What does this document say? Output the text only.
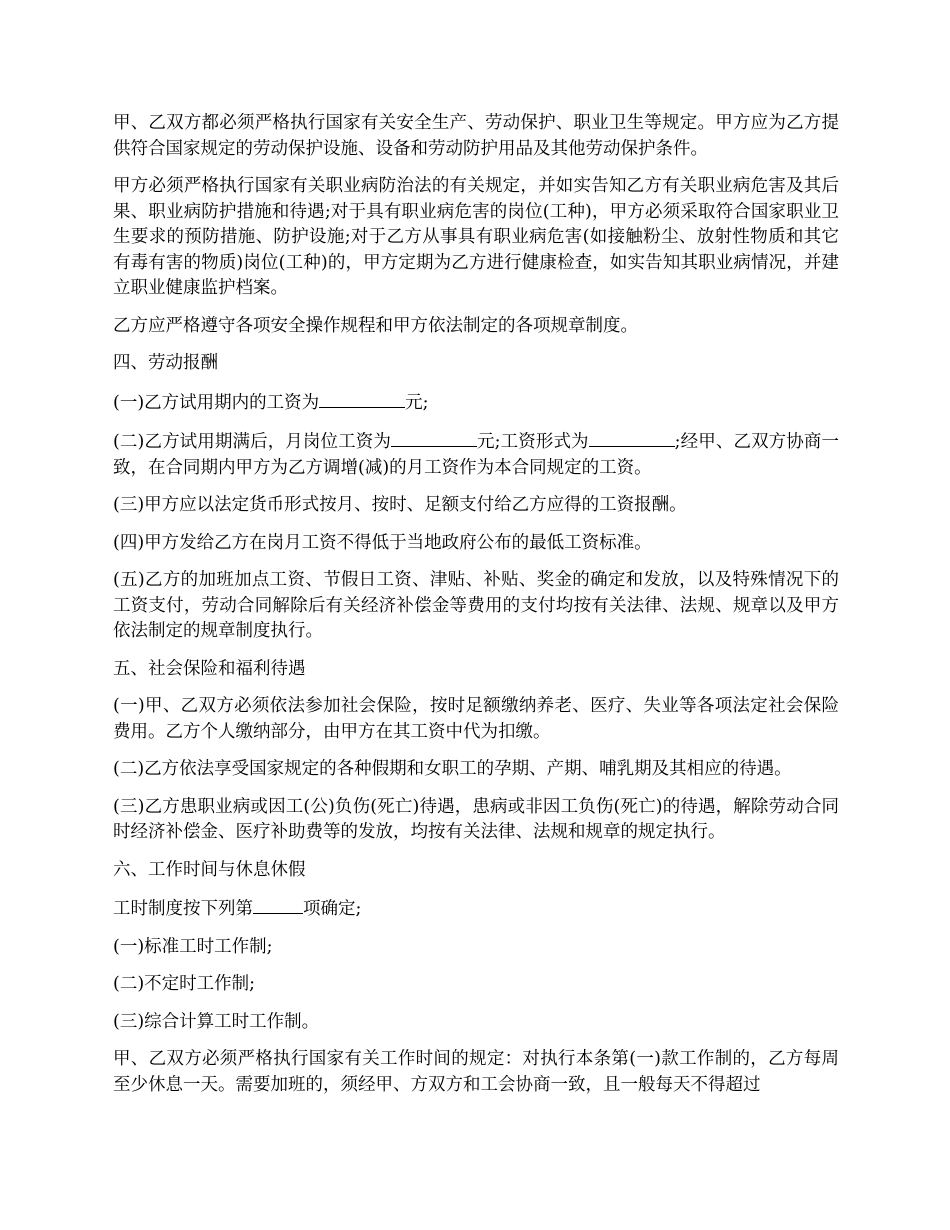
甲、乙双方都必须严格执行国家有关安全生产、劳动保护、职业卫生等规定。甲方应为乙方提供符合国家规定的劳动保护设施、设备和劳动防护用品及其他劳动保护条件。

甲方必须严格执行国家有关职业病防治法的有关规定，并如实告知乙方有关职业病危害及其后果、职业病防护措施和待遇;对于具有职业病危害的岗位(工种)，甲方必须采取符合国家职业卫生要求的预防措施、防护设施;对于乙方从事具有职业病危害(如接触粉尘、放射性物质和其它有毒有害的物质)岗位(工种)的，甲方定期为乙方进行健康检查，如实告知其职业病情况，并建立职业健康监护档案。

乙方应严格遵守各项安全操作规程和甲方依法制定的各项规章制度。

四、劳动报酬

(一)乙方试用期内的工资为	元;

(二)乙方试用期满后，月岗位工资为	元;工资形式为	;经甲、乙双方协商一致，在合同期内甲方为乙方调增(减)的月工资作为本合同规定的工资。

(三)甲方应以法定货币形式按月、按时、足额支付给乙方应得的工资报酬。

(四)甲方发给乙方在岗月工资不得低于当地政府公布的最低工资标准。

(五)乙方的加班加点工资、节假日工资、津贴、补贴、奖金的确定和发放，以及特殊情况下的工资支付，劳动合同解除后有关经济补偿金等费用的支付均按有关法律、法规、规章以及甲方依法制定的规章制度执行。

五、社会保险和福利待遇

(一)甲、乙双方必须依法参加社会保险，按时足额缴纳养老、医疗、失业等各项法定社会保险费用。乙方个人缴纳部分，由甲方在其工资中代为扣缴。

(二)乙方依法享受国家规定的各种假期和女职工的孕期、产期、哺乳期及其相应的待遇。

(三)乙方患职业病或因工(公)负伤(死亡)待遇，患病或非因工负伤(死亡)的待遇，解除劳动合同时经济补偿金、医疗补助费等的发放，均按有关法律、法规和规章的规定执行。

六、工作时间与休息休假

工时制度按下列第	项确定;

(一)标准工时工作制;

(二)不定时工作制;

(三)综合计算工时工作制。

甲、乙双方必须严格执行国家有关工作时间的规定：对执行本条第(一)款工作制的，乙方每周至少休息一天。需要加班的，须经甲、方双方和工会协商一致，且一般每天不得超过
